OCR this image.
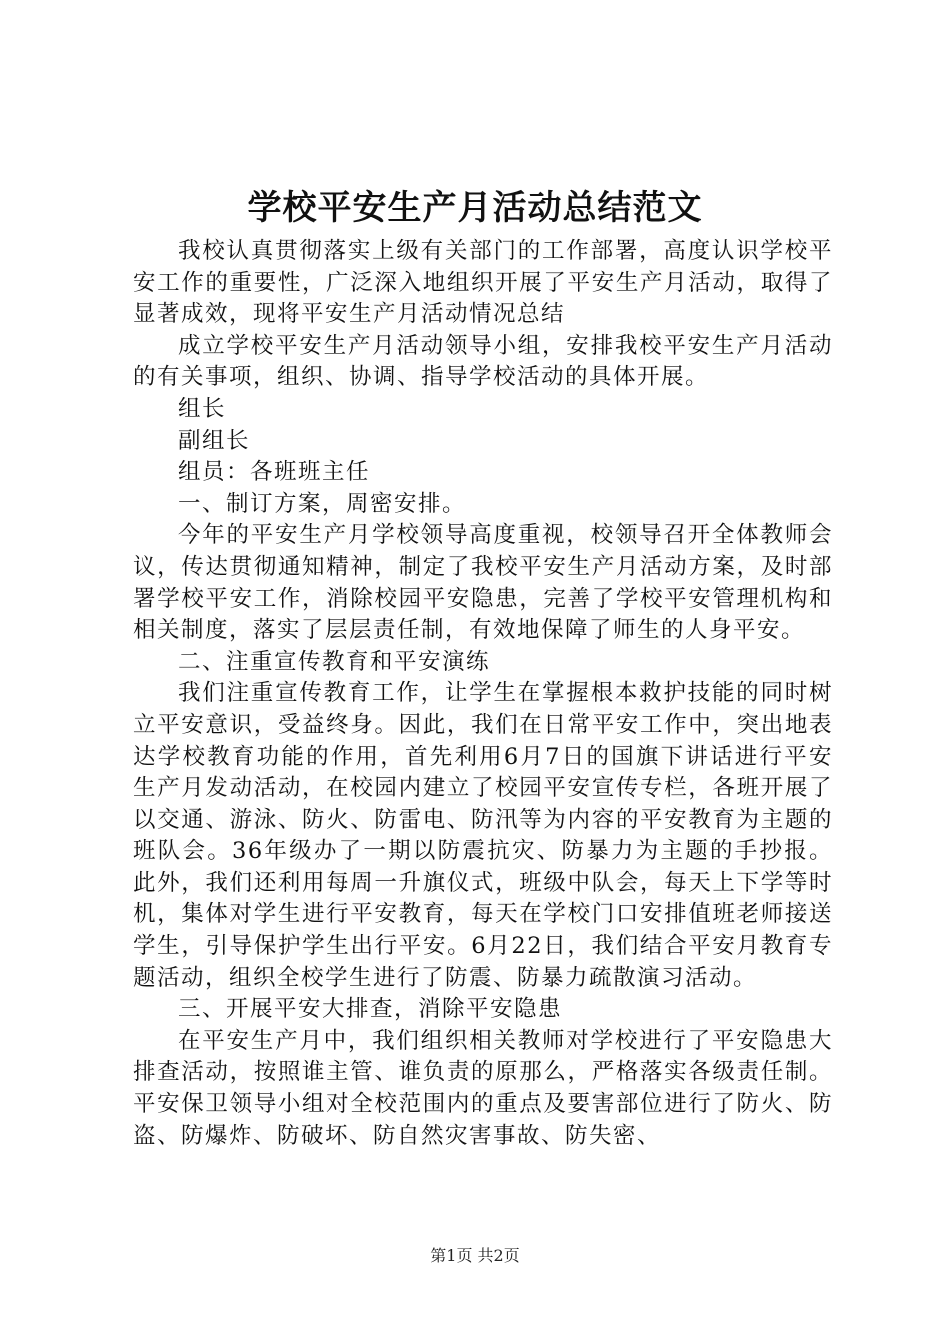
学校平安生产月活动总结范文

我校认真贯彻落实上级有关部门的工作部署，高度认识学校平安工作的重要性，广泛深入地组织开展了平安生产月活动，取得了显著成效，现将平安生产月活动情况总结

成立学校平安生产月活动领导小组，安排我校平安生产月活动的有关事项，组织、协调、指导学校活动的具体开展。

组长

副组长

组员：各班班主任

一、制订方案，周密安排。

今年的平安生产月学校领导高度重视，校领导召开全体教师会议，传达贯彻通知精神，制定了我校平安生产月活动方案，及时部署学校平安工作，消除校园平安隐患，完善了学校平安管理机构和相关制度，落实了层层责任制，有效地保障了师生的人身平安。

二、注重宣传教育和平安演练

我们注重宣传教育工作，让学生在掌握根本救护技能的同时树立平安意识，受益终身。因此，我们在日常平安工作中，突出地表达学校教育功能的作用，首先利用6月7日的国旗下讲话进行平安生产月发动活动，在校园内建立了校园平安宣传专栏，各班开展了以交通、游泳、防火、防雷电、防汛等为内容的平安教育为主题的班队会。36年级办了一期以防震抗灾、防暴力为主题的手抄报。此外，我们还利用每周一升旗仪式，班级中队会，每天上下学等时机，集体对学生进行平安教育，每天在学校门口安排值班老师接送学生，引导保护学生出行平安。6月22日，我们结合平安月教育专题活动，组织全校学生进行了防震、防暴力疏散演习活动。

三、开展平安大排查，消除平安隐患

在平安生产月中，我们组织相关教师对学校进行了平安隐患大排查活动，按照谁主管、谁负责的原那么，严格落实各级责任制。平安保卫领导小组对全校范围内的重点及要害部位进行了防火、防盗、防爆炸、防破坏、防自然灾害事故、防失密、

第1页 共2页
